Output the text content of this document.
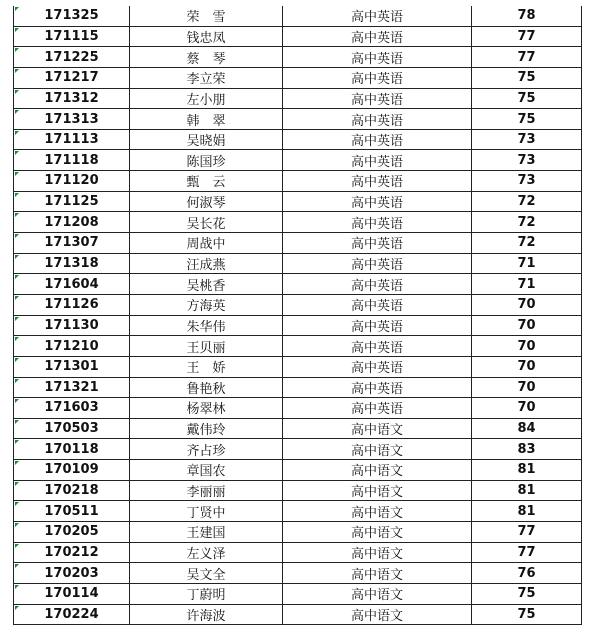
171325	荣　雪	高中英语	78
171115	钱忠凤	高中英语	77
171225	蔡　琴	高中英语	77
171217	李立荣	高中英语	75
171312	左小朋	高中英语	75
171313	韩　翠	高中英语	75
171113	吴晓娟	高中英语	73
171118	陈国珍	高中英语	73
171120	甄　云	高中英语	73
171125	何淑琴	高中英语	72
171208	吴长花	高中英语	72
171307	周战中	高中英语	72
171318	汪成燕	高中英语	71
171604	吴桃香	高中英语	71
171126	方海英	高中英语	70
171130	朱华伟	高中英语	70
171210	王贝丽	高中英语	70
171301	王　娇	高中英语	70
171321	鲁艳秋	高中英语	70
171603	杨翠林	高中英语	70
170503	戴伟玲	高中语文	84
170118	齐占珍	高中语文	83
170109	章国农	高中语文	81
170218	李丽丽	高中语文	81
170511	丁贤中	高中语文	81
170205	王建国	高中语文	77
170212	左义泽	高中语文	77
170203	吴文全	高中语文	76
170114	丁蔚明	高中语文	75
170224	许海波	高中语文	75
